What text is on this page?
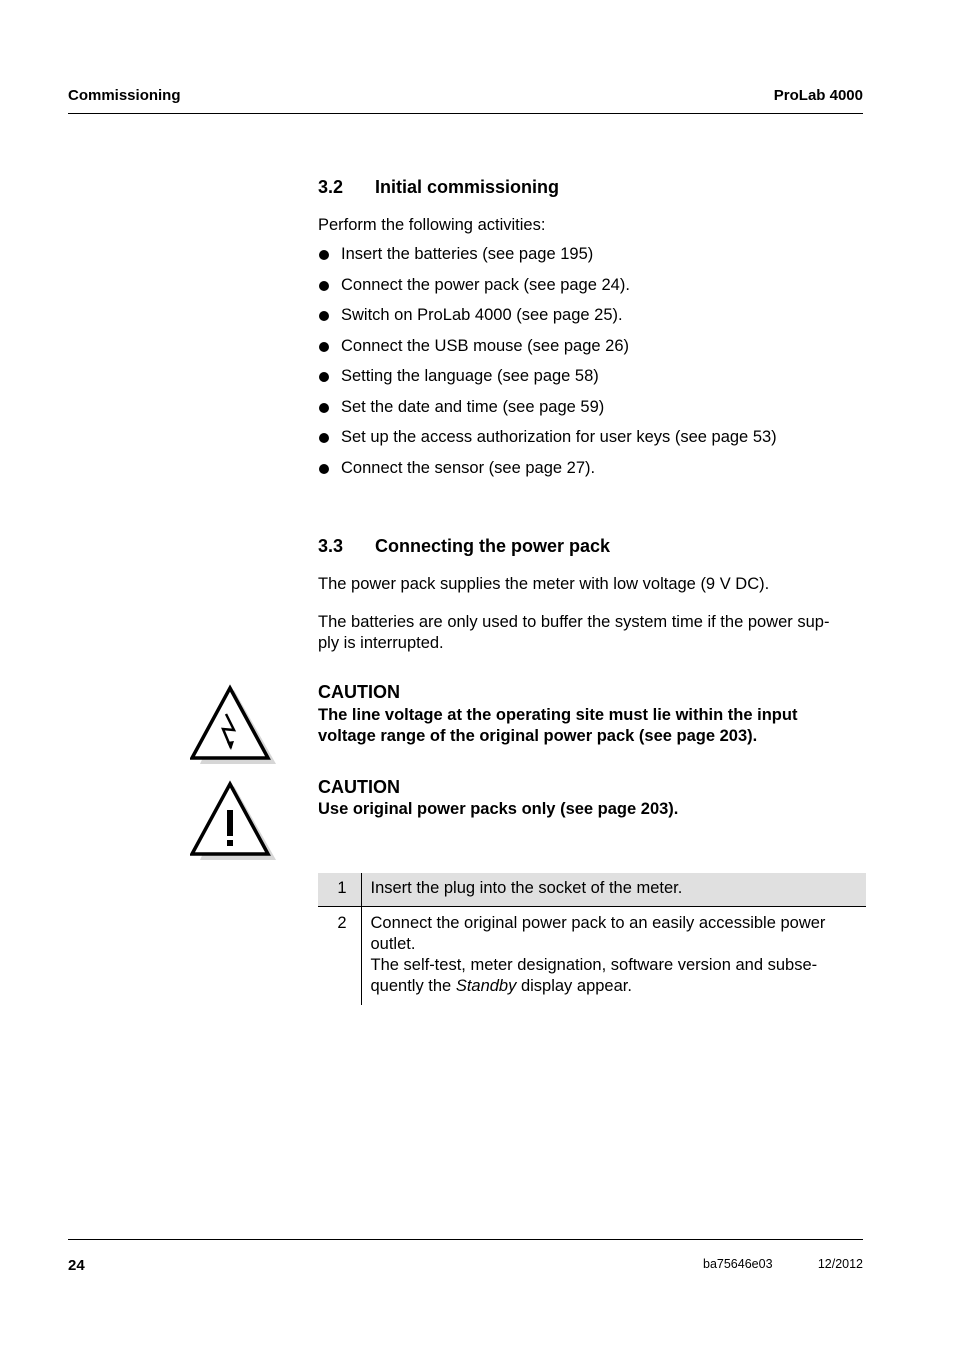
Commissioning	ProLab 4000
3.2 Initial commissioning
Perform the following activities:
Insert the batteries (see page 195)
Connect the power pack (see page 24).
Switch on ProLab 4000 (see page 25).
Connect the USB mouse (see page 26)
Setting the language (see page 58)
Set the date and time (see page 59)
Set up the access authorization for user keys (see page 53)
Connect the sensor (see page 27).
3.3 Connecting the power pack
The power pack supplies the meter with low voltage (9 V DC).
The batteries are only used to buffer the system time if the power sup-
ply is interrupted.
CAUTION
The line voltage at the operating site must lie within the input
voltage range of the original power pack (see page 203).
CAUTION
Use original power packs only (see page 203).
1	Insert the plug into the socket of the meter.
2	Connect the original power pack to an easily accessible power
outlet.
The self-test, meter designation, software version and subse-
quently the Standby display appear.
24	ba75646e03	12/2012
